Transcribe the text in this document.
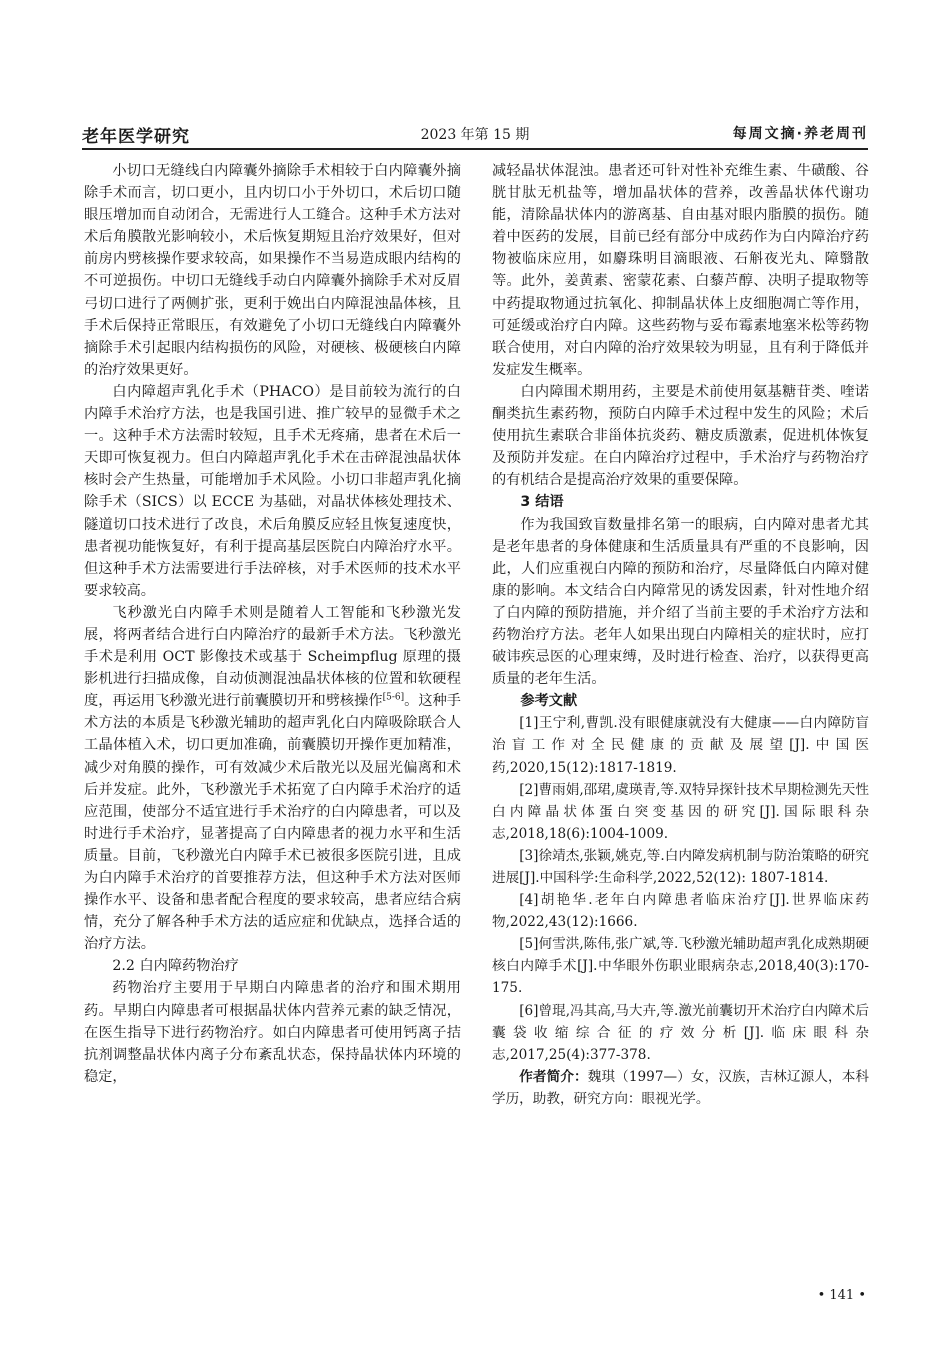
老年医学研究	2023 年第 15 期	每周文摘·养老周刊

小切口无缝线白内障囊外摘除手术相较于白内障囊外摘除手术而言，切口更小，且内切口小于外切口，术后切口随眼压增加而自动闭合，无需进行人工缝合。这种手术方法对术后角膜散光影响较小，术后恢复期短且治疗效果好，但对前房内劈核操作要求较高，如果操作不当易造成眼内结构的不可逆损伤。中切口无缝线手动白内障囊外摘除手术对反眉弓切口进行了两侧扩张，更利于娩出白内障混浊晶体核，且手术后保持正常眼压，有效避免了小切口无缝线白内障囊外摘除手术引起眼内结构损伤的风险，对硬核、极硬核白内障的治疗效果更好。

白内障超声乳化手术（PHACO）是目前较为流行的白内障手术治疗方法，也是我国引进、推广较早的显微手术之一。这种手术方法需时较短，且手术无疼痛，患者在术后一天即可恢复视力。但白内障超声乳化手术在击碎混浊晶状体核时会产生热量，可能增加手术风险。小切口非超声乳化摘除手术（SICS）以 ECCE 为基础，对晶状体核处理技术、隧道切口技术进行了改良，术后角膜反应轻且恢复速度快，患者视功能恢复好，有利于提高基层医院白内障治疗水平。但这种手术方法需要进行手法碎核，对手术医师的技术水平要求较高。

飞秒激光白内障手术则是随着人工智能和飞秒激光发展，将两者结合进行白内障治疗的最新手术方法。飞秒激光手术是利用 OCT 影像技术或基于 Scheimpflug 原理的摄影机进行扫描成像，自动侦测混浊晶状体核的位置和软硬程度，再运用飞秒激光进行前囊膜切开和劈核操作[5-6]。这种手术方法的本质是飞秒激光辅助的超声乳化白内障吸除联合人工晶体植入术，切口更加准确，前囊膜切开操作更加精准，减少对角膜的操作，可有效减少术后散光以及屈光偏离和术后并发症。此外，飞秒激光手术拓宽了白内障手术治疗的适应范围，使部分不适宜进行手术治疗的白内障患者，可以及时进行手术治疗，显著提高了白内障患者的视力水平和生活质量。目前，飞秒激光白内障手术已被很多医院引进，且成为白内障手术治疗的首要推荐方法，但这种手术方法对医师操作水平、设备和患者配合程度的要求较高，患者应结合病情，充分了解各种手术方法的适应症和优缺点，选择合适的治疗方法。

2.2 白内障药物治疗

药物治疗主要用于早期白内障患者的治疗和围术期用药。早期白内障患者可根据晶状体内营养元素的缺乏情况，在医生指导下进行药物治疗。如白内障患者可使用钙离子拮抗剂调整晶状体内离子分布紊乱状态，保持晶状体内环境的稳定，

减轻晶状体混浊。患者还可针对性补充维生素、牛磺酸、谷胱甘肽无机盐等，增加晶状体的营养，改善晶状体代谢功能，清除晶状体内的游离基、自由基对眼内脂膜的损伤。随着中医药的发展，目前已经有部分中成药作为白内障治疗药物被临床应用，如麝珠明目滴眼液、石斛夜光丸、障翳散等。此外，姜黄素、密蒙花素、白藜芦醇、决明子提取物等中药提取物通过抗氧化、抑制晶状体上皮细胞凋亡等作用，可延缓或治疗白内障。这些药物与妥布霉素地塞米松等药物联合使用，对白内障的治疗效果较为明显，且有利于降低并发症发生概率。

白内障围术期用药，主要是术前使用氨基糖苷类、喹诺酮类抗生素药物，预防白内障手术过程中发生的风险；术后使用抗生素联合非甾体抗炎药、糖皮质激素，促进机体恢复及预防并发症。在白内障治疗过程中，手术治疗与药物治疗的有机结合是提高治疗效果的重要保障。

3 结语

作为我国致盲数量排名第一的眼病，白内障对患者尤其是老年患者的身体健康和生活质量具有严重的不良影响，因此，人们应重视白内障的预防和治疗，尽量降低白内障对健康的影响。本文结合白内障常见的诱发因素，针对性地介绍了白内障的预防措施，并介绍了当前主要的手术治疗方法和药物治疗方法。老年人如果出现白内障相关的症状时，应打破讳疾忌医的心理束缚，及时进行检查、治疗，以获得更高质量的老年生活。

参考文献

[1]王宁利,曹凯.没有眼健康就没有大健康——白内障防盲治盲工作对全民健康的贡献及展望[J].中国医药,2020,15(12):1817-1819.

[2]曹雨娟,邵珺,虞瑛青,等.双特异探针技术早期检测先天性白内障晶状体蛋白突变基因的研究[J].国际眼科杂志,2018,18(6):1004-1009.

[3]徐靖杰,张颖,姚克,等.白内障发病机制与防治策略的研究进展[J].中国科学:生命科学,2022,52(12): 1807-1814.

[4]胡艳华.老年白内障患者临床治疗[J].世界临床药物,2022,43(12):1666.

[5]何雪洪,陈伟,张广斌,等.飞秒激光辅助超声乳化成熟期硬核白内障手术[J].中华眼外伤职业眼病杂志,2018,40(3):170-175.

[6]曾琨,冯其高,马大卉,等.激光前囊切开术治疗白内障术后囊袋收缩综合征的疗效分析[J].临床眼科杂志,2017,25(4):377-378.

作者简介：魏琪（1997—）女，汉族，吉林辽源人，本科学历，助教，研究方向：眼视光学。

• 141 •
